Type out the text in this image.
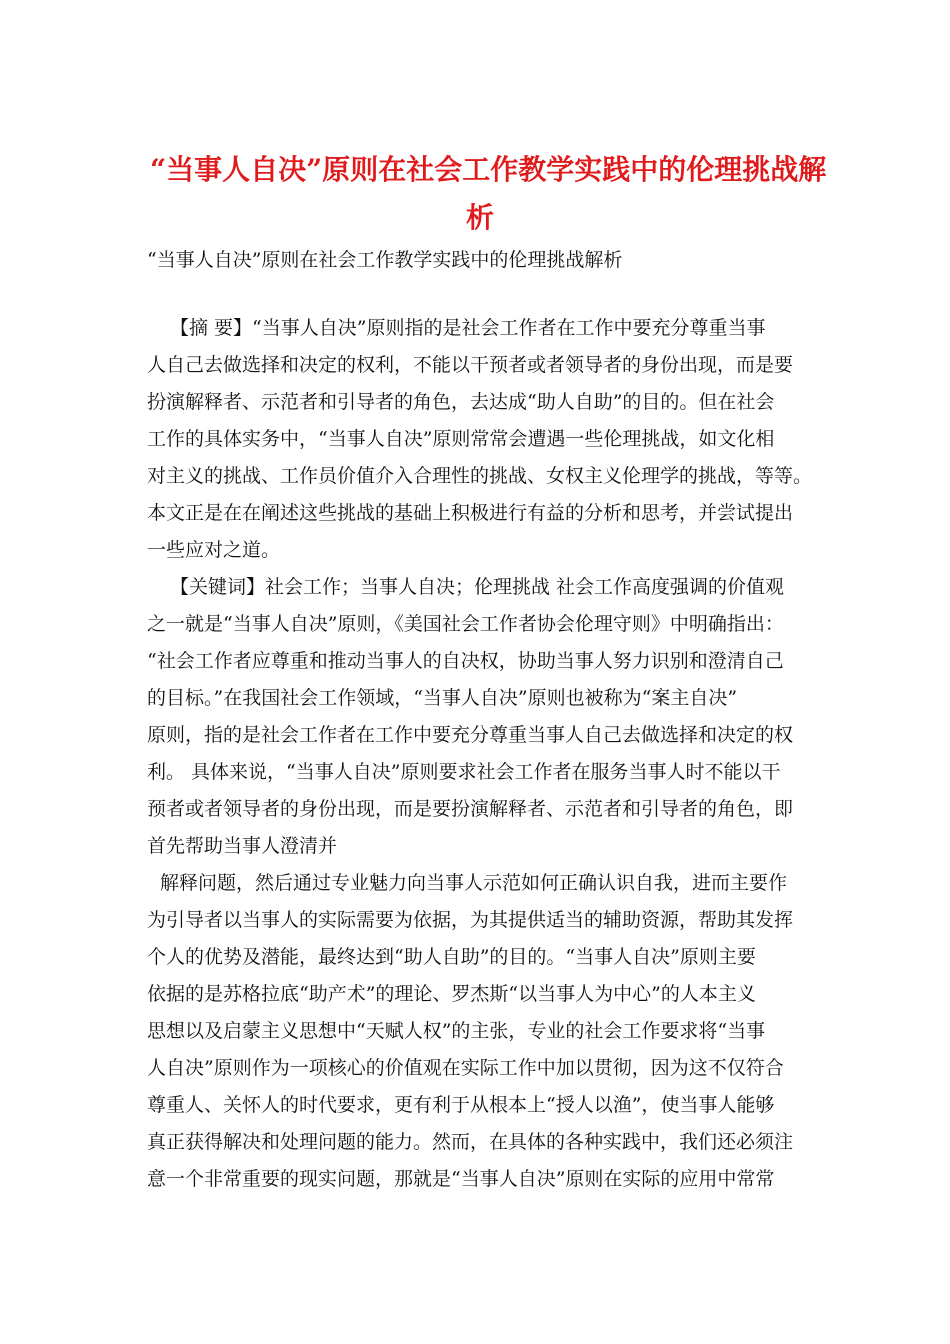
“当事人自决”原则在社会工作教学实践中的伦理挑战解
析
“当事人自决”原则在社会工作教学实践中的伦理挑战解析
【摘 要】“当事人自决”原则指的是社会工作者在工作中要充分尊重当事
人自己去做选择和决定的权利，不能以干预者或者领导者的身份出现，而是要
扮演解释者、示范者和引导者的角色，去达成“助人自助”的目的。但在社会
工作的具体实务中，“当事人自决”原则常常会遭遇一些伦理挑战，如文化相
对主义的挑战、工作员价值介入合理性的挑战、女权主义伦理学的挑战，等等。
本文正是在在阐述这些挑战的基础上积极进行有益的分析和思考，并尝试提出
一些应对之道。
【关键词】社会工作；当事人自决；伦理挑战 社会工作高度强调的价值观
之一就是“当事人自决”原则，《美国社会工作者协会伦理守则》中明确指出：
“社会工作者应尊重和推动当事人的自决权，协助当事人努力识别和澄清自己
的目标。”在我国社会工作领域，“当事人自决”原则也被称为“案主自决”
原则，指的是社会工作者在工作中要充分尊重当事人自己去做选择和决定的权
利。 具体来说，“当事人自决”原则要求社会工作者在服务当事人时不能以干
预者或者领导者的身份出现，而是要扮演解释者、示范者和引导者的角色，即
首先帮助当事人澄清并
解释问题，然后通过专业魅力向当事人示范如何正确认识自我，进而主要作
为引导者以当事人的实际需要为依据，为其提供适当的辅助资源，帮助其发挥
个人的优势及潜能，最终达到“助人自助”的目的。“当事人自决”原则主要
依据的是苏格拉底“助产术”的理论、罗杰斯“以当事人为中心”的人本主义
思想以及启蒙主义思想中“天赋人权”的主张，专业的社会工作要求将“当事
人自决”原则作为一项核心的价值观在实际工作中加以贯彻，因为这不仅符合
尊重人、关怀人的时代要求，更有利于从根本上“授人以渔”，使当事人能够
真正获得解决和处理问题的能力。然而，在具体的各种实践中，我们还必须注
意一个非常重要的现实问题，那就是“当事人自决”原则在实际的应用中常常
